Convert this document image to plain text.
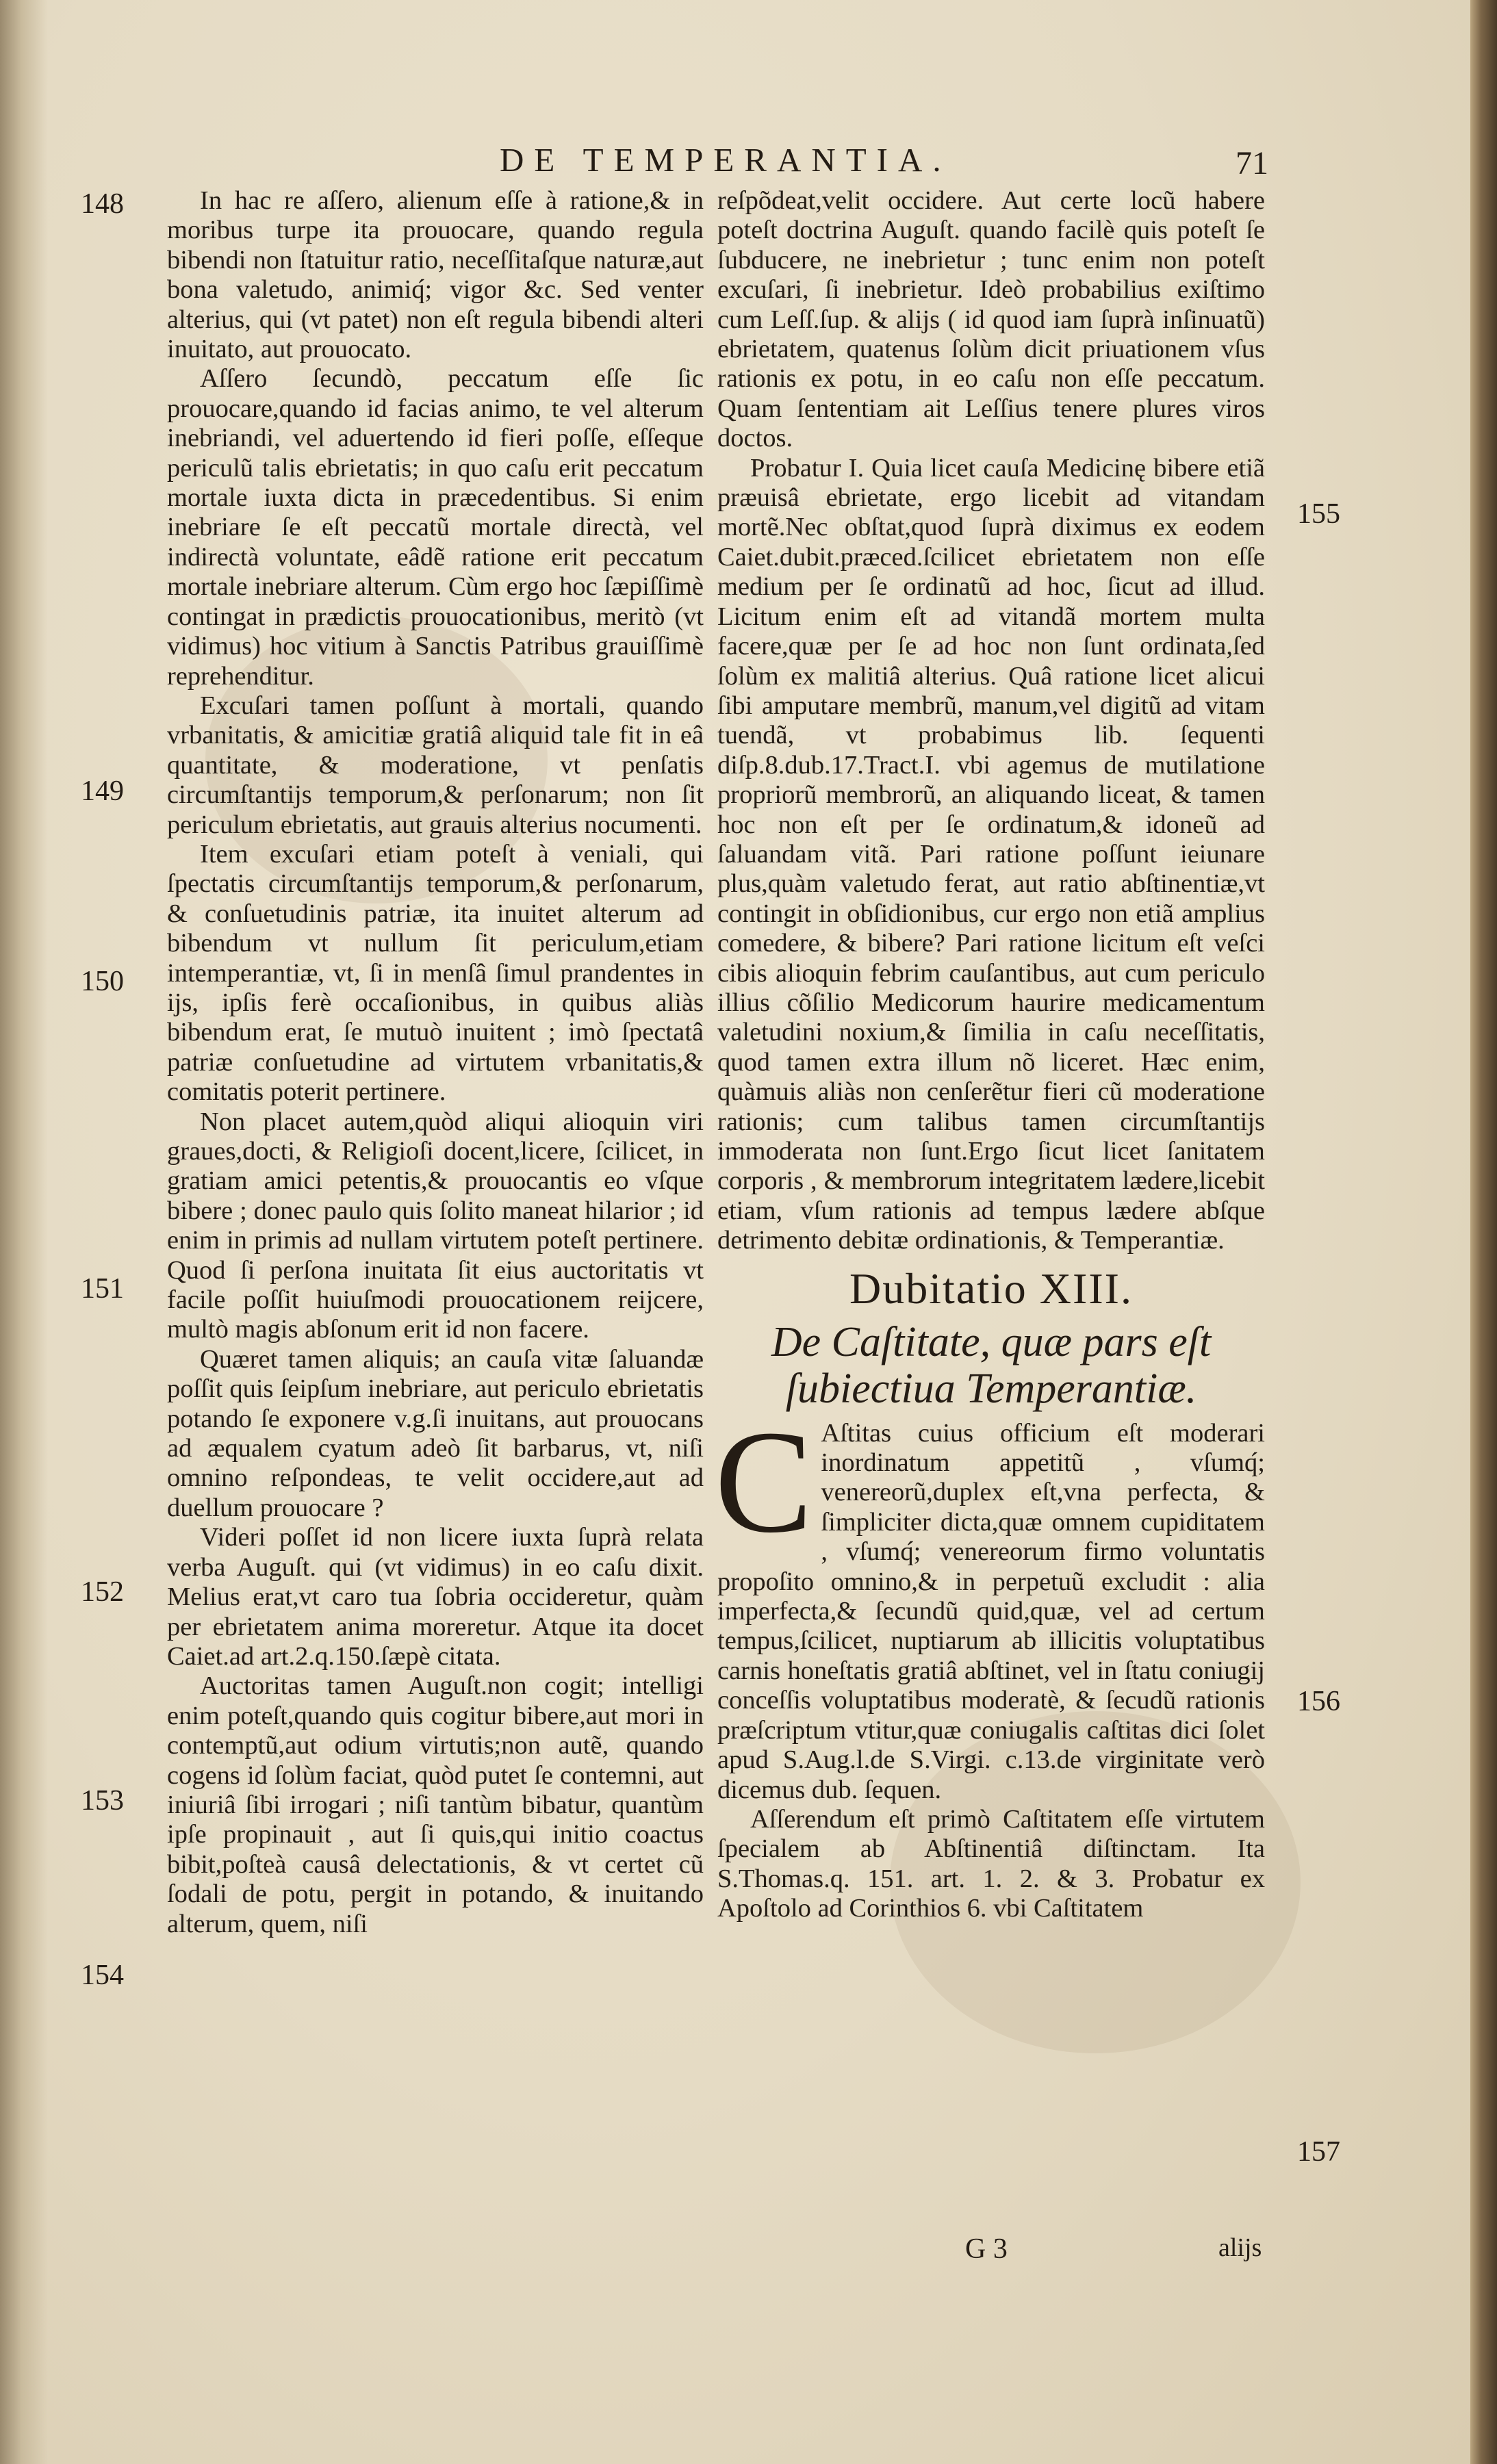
DE TEMPERANTIA.	71
148
149
150
151
152
153
154
155
156
157

In hac re aſſero, alienum eſſe à ratione,& in moribus turpe ita prouocare, quando regula bibendi non ſtatuitur ratio, neceſſitaſque naturæ,aut bona valetudo, animiq́; vigor &c. Sed venter alterius, qui (vt patet) non eſt regula bibendi alteri inuitato, aut prouocato.

Aſſero ſecundò, peccatum eſſe ſic prouocare,quando id facias animo, te vel alterum inebriandi, vel aduertendo id fieri poſſe, eſſeque periculũ talis ebrietatis; in quo caſu erit peccatum mortale iuxta dicta in præcedentibus. Si enim inebriare ſe eſt peccatũ mortale directà, vel indirectà voluntate, eâdẽ ratione erit peccatum mortale inebriare alterum. Cùm ergo hoc ſæpiſſimè contingat in prædictis prouocationibus, meritò (vt vidimus) hoc vitium à Sanctis Patribus grauiſſimè reprehenditur.

Excuſari tamen poſſunt à mortali, quando vrbanitatis, & amicitiæ gratiâ aliquid tale fit in eâ quantitate, & moderatione, vt penſatis circumſtantijs temporum,& perſonarum; non ſit periculum ebrietatis, aut grauis alterius nocumenti.

Item excuſari etiam poteſt à veniali, qui ſpectatis circumſtantijs temporum,& perſonarum, & conſuetudinis patriæ, ita inuitet alterum ad bibendum vt nullum ſit periculum,etiam intemperantiæ, vt, ſi in menſâ ſimul prandentes in ijs, ipſis ferè occaſionibus, in quibus aliàs bibendum erat, ſe mutuò inuitent ; imò ſpectatâ patriæ conſuetudine ad virtutem vrbanitatis,& comitatis poterit pertinere.

Non placet autem,quòd aliqui alioquin viri graues,docti, & Religioſi docent,licere, ſcilicet, in gratiam amici petentis,& prouocantis eo vſque bibere ; donec paulo quis ſolito maneat hilarior ; id enim in primis ad nullam virtutem poteſt pertinere. Quod ſi perſona inuitata ſit eius auctoritatis vt facile poſſit huiuſmodi prouocationem reijcere, multò magis abſonum erit id non facere.

Quæret tamen aliquis; an cauſa vitæ ſaluandæ poſſit quis ſeipſum inebriare, aut periculo ebrietatis potando ſe exponere v.g.ſi inuitans, aut prouocans ad æqualem cyatum adeò ſit barbarus, vt, niſi omnino reſpondeas, te velit occidere,aut ad duellum prouocare ?

Videri poſſet id non licere iuxta ſuprà relata verba Auguſt. qui (vt vidimus) in eo caſu dixit. Melius erat,vt caro tua ſobria occideretur, quàm per ebrietatem anima moreretur. Atque ita docet Caiet.ad art.2.q.150.ſæpè citata.

Auctoritas tamen Auguſt.non cogit; intelligi enim poteſt,quando quis cogitur bibere,aut mori in contemptũ,aut odium virtutis;non autẽ, quando cogens id ſolùm faciat, quòd putet ſe contemni, aut iniuriâ ſibi irrogari ; niſi tantùm bibatur, quantùm ipſe propinauit , aut ſi quis,qui initio coactus bibit,poſteà causâ delectationis, & vt certet cũ ſodali de potu, pergit in potando, & inuitando alterum, quem, niſi

reſpõdeat,velit occidere. Aut certe locũ habere poteſt doctrina Auguſt. quando facilè quis poteſt ſe ſubducere, ne inebrietur ; tunc enim non poteſt excuſari, ſi inebrietur. Ideò probabilius exiſtimo cum Leſſ.ſup. & alijs ( id quod iam ſuprà inſinuatũ) ebrietatem, quatenus ſolùm dicit priuationem vſus rationis ex potu, in eo caſu non eſſe peccatum. Quam ſententiam ait Leſſius tenere plures viros doctos.

Probatur I. Quia licet cauſa Medicinę bibere etiã præuisâ ebrietate, ergo licebit ad vitandam mortẽ.Nec obſtat,quod ſuprà diximus ex eodem Caiet.dubit.præced.ſcilicet ebrietatem non eſſe medium per ſe ordinatũ ad hoc, ſicut ad illud. Licitum enim eſt ad vitandã mortem multa facere,quæ per ſe ad hoc non ſunt ordinata,ſed ſolùm ex malitiâ alterius. Quâ ratione licet alicui ſibi amputare membrũ, manum,vel digitũ ad vitam tuendã, vt probabimus lib. ſequenti diſp.8.dub.17.Tract.I. vbi agemus de mutilatione propriorũ membrorũ, an aliquando liceat, & tamen hoc non eſt per ſe ordinatum,& idoneũ ad ſaluandam vitã. Pari ratione poſſunt ieiunare plus,quàm valetudo ferat, aut ratio abſtinentiæ,vt contingit in obſidionibus, cur ergo non etiã amplius comedere, & bibere? Pari ratione licitum eſt veſci cibis alioquin febrim cauſantibus, aut cum periculo illius cõſilio Medicorum haurire medicamentum valetudini noxium,& ſimilia in caſu neceſſitatis, quod tamen extra illum nõ liceret. Hæc enim, quàmuis aliàs non cenſerẽtur fieri cũ moderatione rationis; cum talibus tamen circumſtantijs immoderata non ſunt.Ergo ſicut licet ſanitatem corporis , & membrorum integritatem lædere,licebit etiam, vſum rationis ad tempus lædere abſque detrimento debitæ ordinationis, & Temperantiæ.

Dubitatio XIII.
De Caſtitate, quæ pars eſt ſubiectiua Temperantiæ.
C Aſtitas cuius officium eſt moderari inordinatum appetitũ , vſumq́; venereorũ,duplex eſt,vna perfecta, & ſimpliciter dicta,quæ omnem cupiditatem , vſumq́; venereorum firmo voluntatis propoſito omnino,& in perpetuũ excludit : alia imperfecta,& ſecundũ quid,quæ, vel ad certum tempus,ſcilicet, nuptiarum ab illicitis voluptatibus carnis honeſtatis gratiâ abſtinet, vel in ſtatu coniugij conceſſis voluptatibus moderatè, & ſecudũ rationis præſcriptum vtitur,quæ coniugalis caſtitas dici ſolet apud S.Aug.l.de S.Virgi. c.13.de virginitate verò dicemus dub. ſequen.

Aſſerendum eſt primò Caſtitatem eſſe virtutem ſpecialem ab Abſtinentiâ diſtinctam. Ita S.Thomas.q. 151. art. 1. 2. & 3. Probatur ex Apoſtolo ad Corinthios 6. vbi Caſtitatem

G 3	alijs
